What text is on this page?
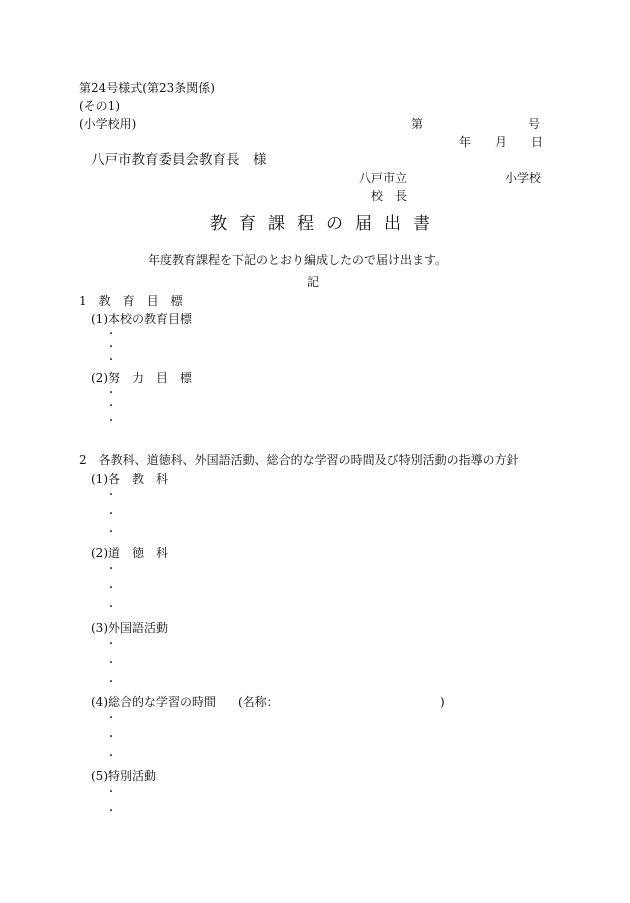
第24号様式(第23条関係)
(その1)
(小学校用)	第	号
年 月 日
八戸市教育委員会教育長　様
八戸市立	小学校
校　長
教育課程の届出書
年度教育課程を下記のとおり編成したので届け出ます。
記
1　教　育　目　標
(1)本校の教育目標
・
・
・
(2)努　力　目　標
・
・
・
2　各教科、道徳科、外国語活動、総合的な学習の時間及び特別活動の指導の方針
(1)各　教　科
・
・
・
(2)道　徳　科
・
・
・
(3)外国語活動
・
・
・
(4)総合的な学習の時間 (名称：	)
・
・
・
(5)特別活動
・
・
